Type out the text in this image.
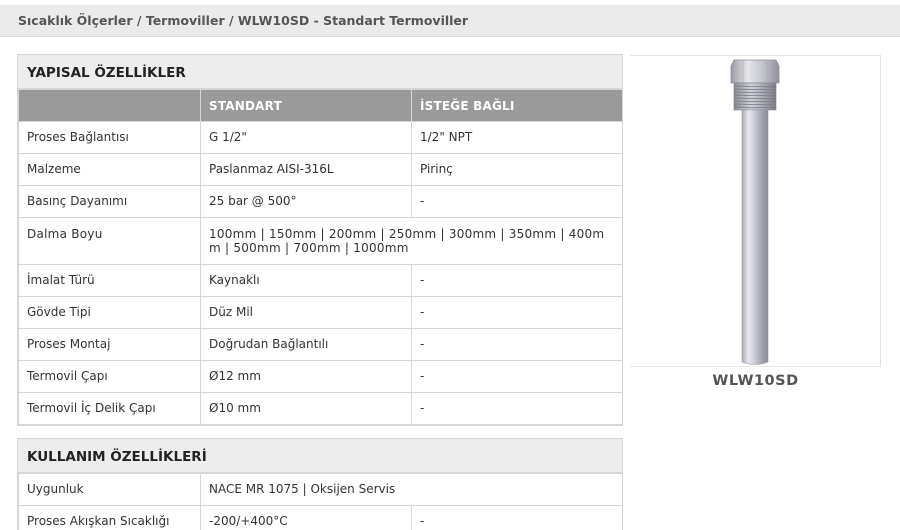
Sıcaklık Ölçerler / Termoviller / WLW10SD - Standart Termoviller
YAPISAL ÖZELLİKLER
	STANDART	İSTEĞE BAĞLI
Proses Bağlantısı	G 1/2"	1/2" NPT
Malzeme	Paslanmaz AISI-316L	Pirinç
Basınç Dayanımı	25 bar @ 500°	-
Dalma Boyu	100mm | 150mm | 200mm | 250mm | 300mm | 350mm | 400mm | 500mm | 700mm | 1000mm	
İmalat Türü	Kaynaklı	-
Gövde Tipi	Düz Mil	-
Proses Montaj	Doğrudan Bağlantılı	-
Termovil Çapı	Ø12 mm	-
Termovil İç Delik Çapı	Ø10 mm	-
KULLANIM ÖZELLİKLERİ
Uygunluk	NACE MR 1075 | Oksijen Servis	
Proses Akışkan Sıcaklığı	-200/+400°C	-
WLW10SD
